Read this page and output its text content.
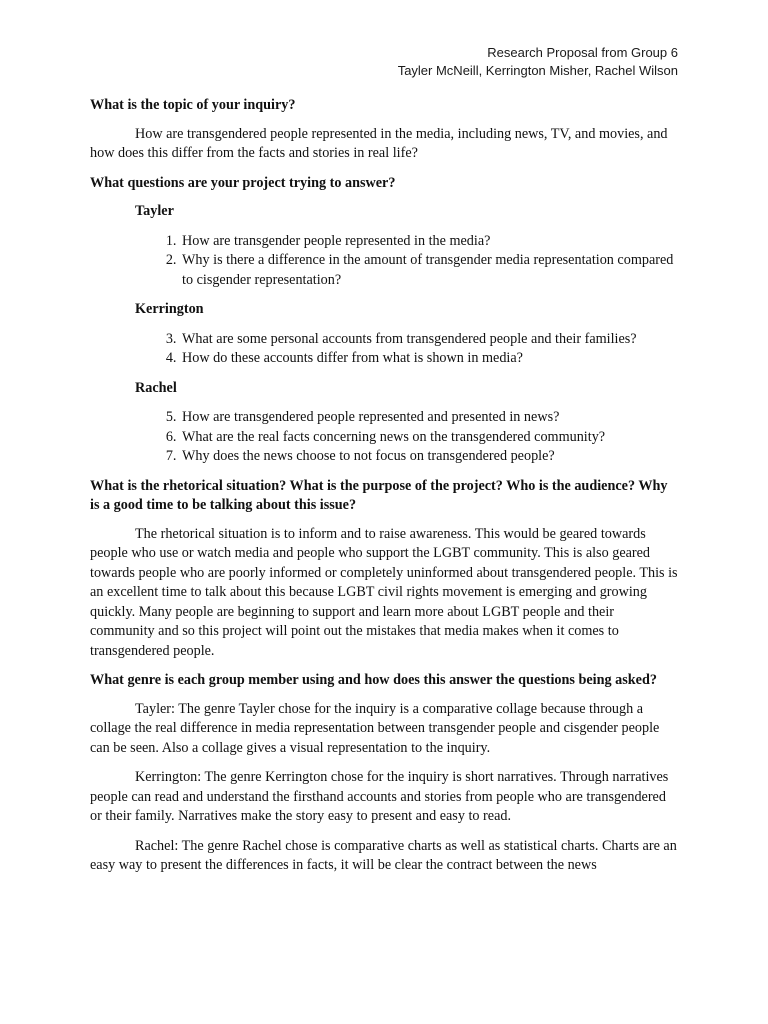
Research Proposal from Group 6
Tayler McNeill, Kerrington Misher, Rachel Wilson

What is the topic of your inquiry?

How are transgendered people represented in the media, including news, TV, and movies, and how does this differ from the facts and stories in real life?

What questions are your project trying to answer?

Tayler

1. How are transgender people represented in the media?
2. Why is there a difference in the amount of transgender media representation compared to cisgender representation?

Kerrington

3. What are some personal accounts from transgendered people and their families?
4. How do these accounts differ from what is shown in media?

Rachel

5. How are transgendered people represented and presented in news?
6. What are the real facts concerning news on the transgendered community?
7. Why does the news choose to not focus on transgendered people?

What is the rhetorical situation? What is the purpose of the project? Who is the audience? Why is a good time to be talking about this issue?

The rhetorical situation is to inform and to raise awareness. This would be geared towards people who use or watch media and people who support the LGBT community. This is also geared towards people who are poorly informed or completely uninformed about transgendered people. This is an excellent time to talk about this because LGBT civil rights movement is emerging and growing quickly. Many people are beginning to support and learn more about LGBT people and their community and so this project will point out the mistakes that media makes when it comes to transgendered people.

What genre is each group member using and how does this answer the questions being asked?

Tayler: The genre Tayler chose for the inquiry is a comparative collage because through a collage the real difference in media representation between transgender people and cisgender people can be seen. Also a collage gives a visual representation to the inquiry.

Kerrington: The genre Kerrington chose for the inquiry is short narratives. Through narratives people can read and understand the firsthand accounts and stories from people who are transgendered or their family. Narratives make the story easy to present and easy to read.

Rachel: The genre Rachel chose is comparative charts as well as statistical charts. Charts are an easy way to present the differences in facts, it will be clear the contract between the news
